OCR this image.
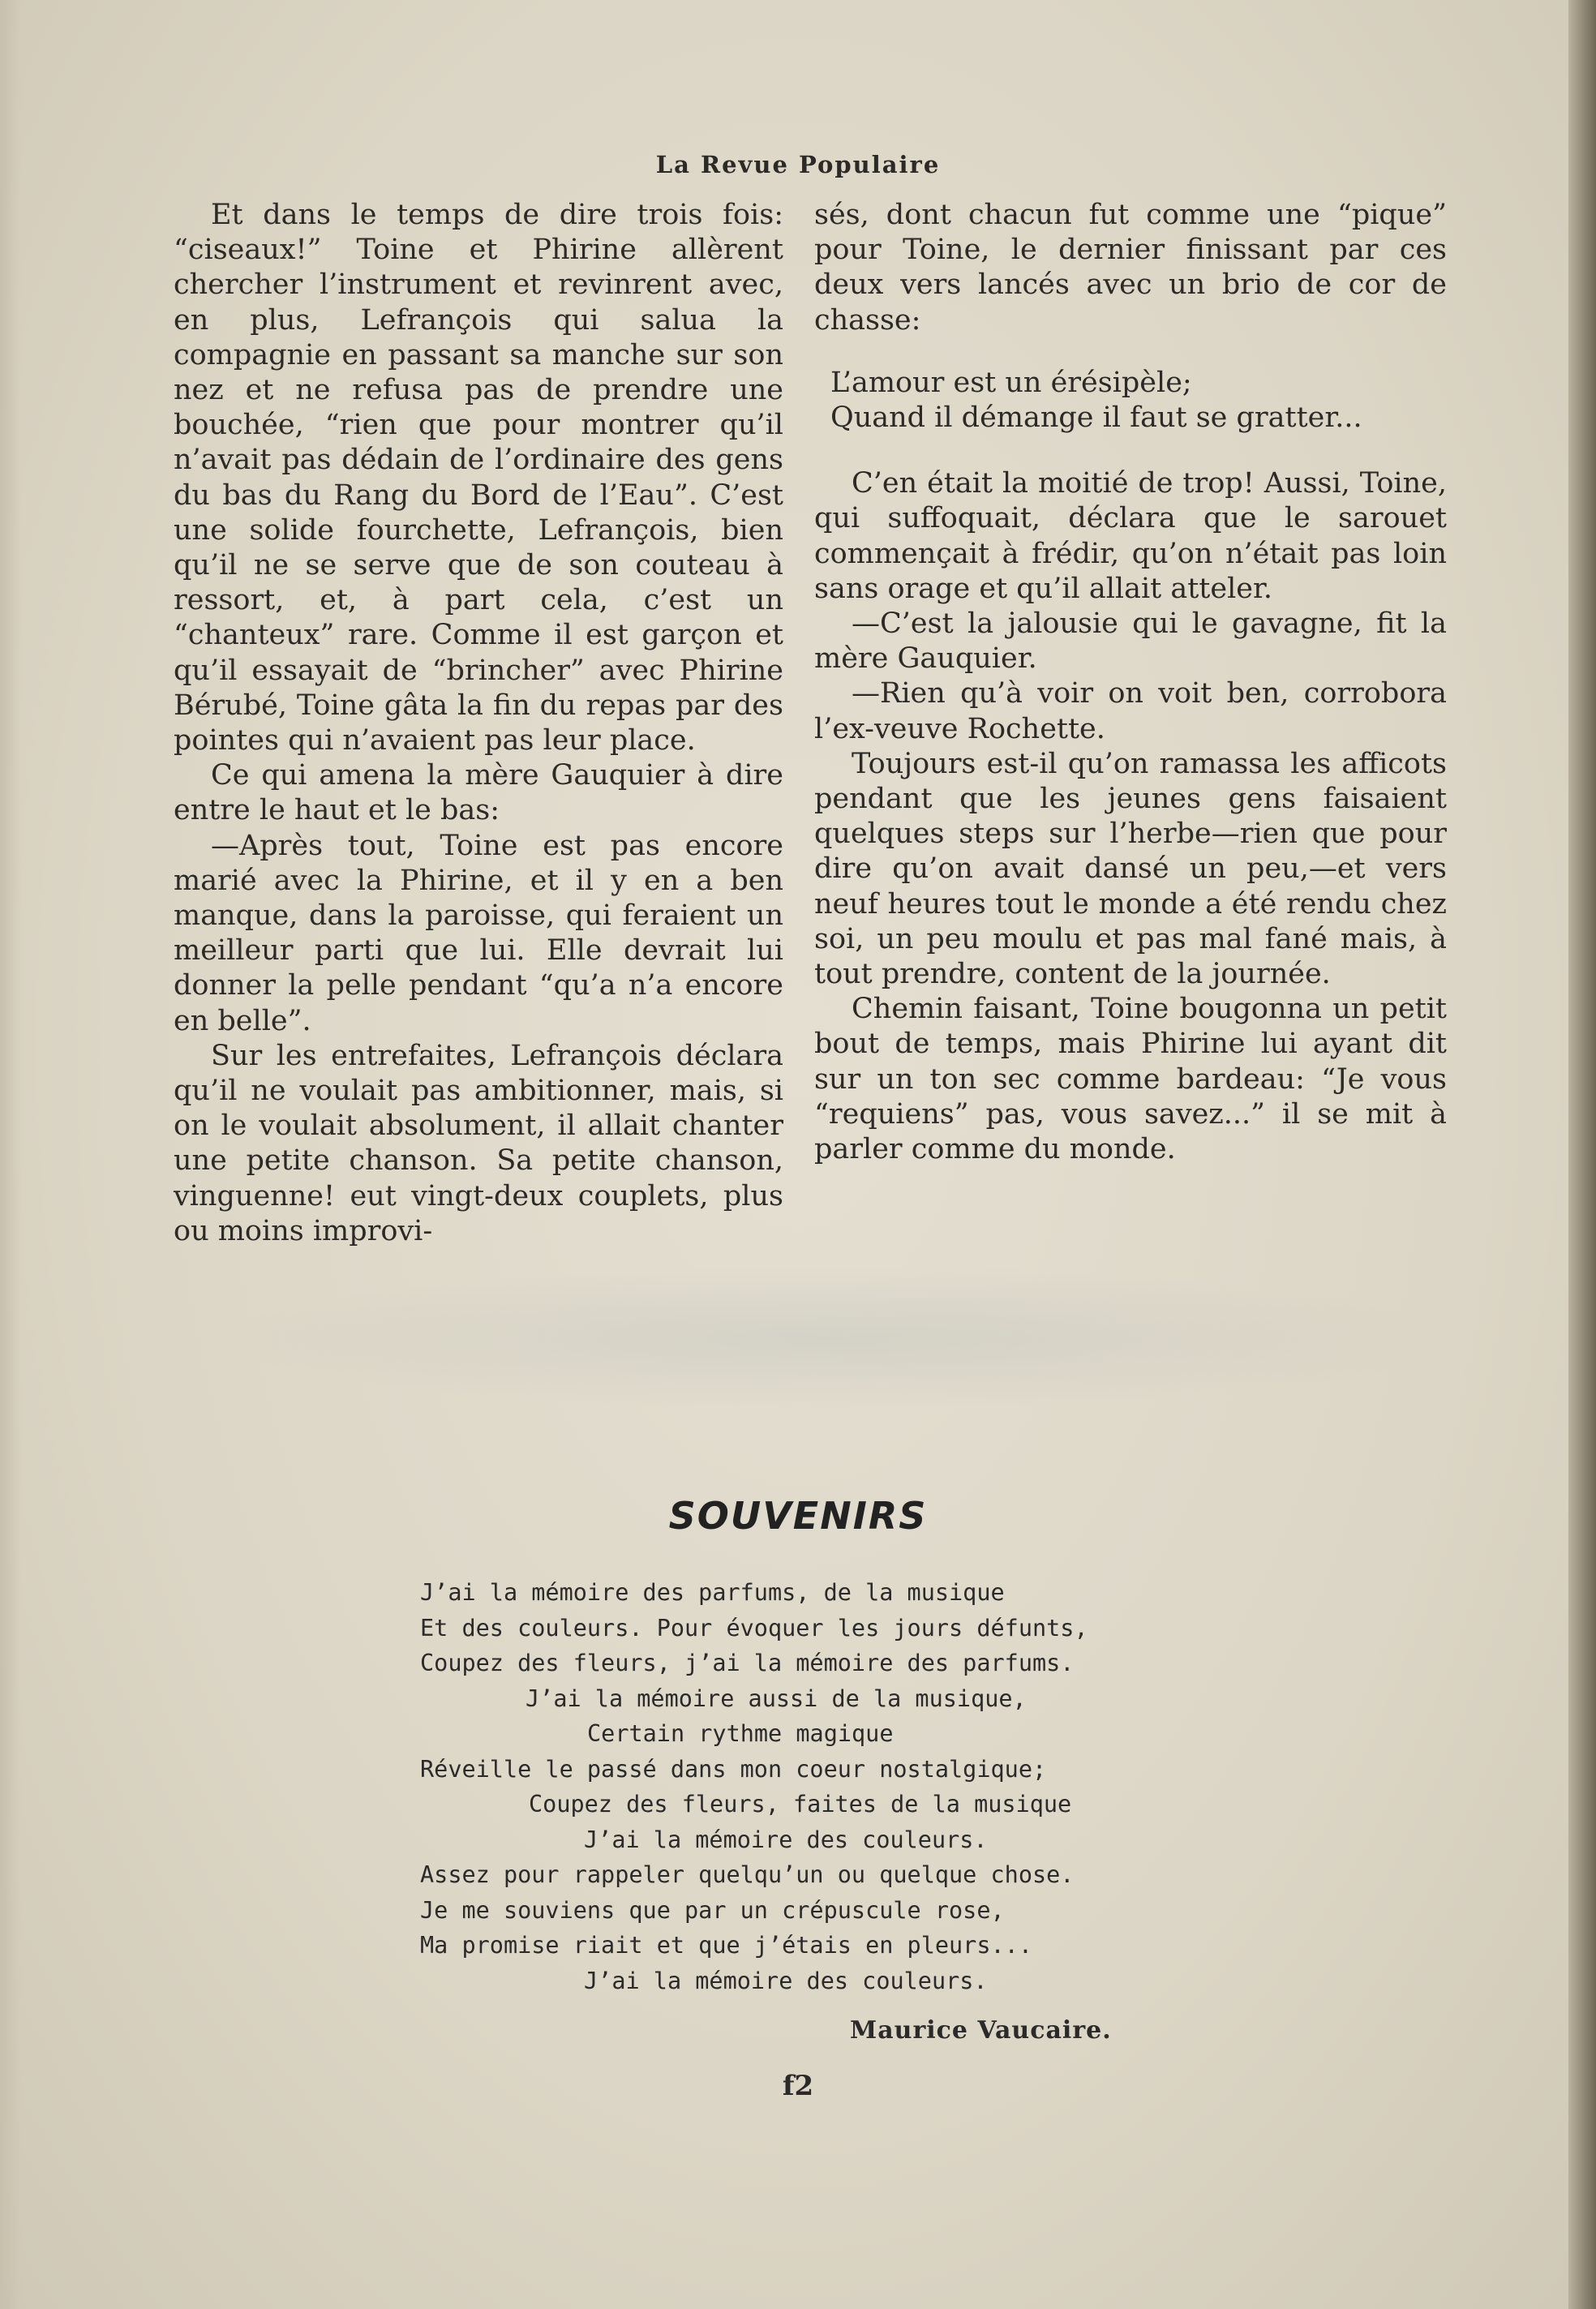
La Revue Populaire

Et dans le temps de dire trois fois: “ciseaux!” Toine et Phirine allèrent chercher l’instrument et revinrent avec, en plus, Lefrançois qui salua la compagnie en passant sa manche sur son nez et ne refusa pas de prendre une bouchée, “rien que pour montrer qu’il n’avait pas dédain de l’ordinaire des gens du bas du Rang du Bord de l’Eau”. C’est une solide fourchette, Lefrançois, bien qu’il ne se serve que de son couteau à ressort, et, à part cela, c’est un “chanteux” rare. Comme il est garçon et qu’il essayait de “brincher” avec Phirine Bérubé, Toine gâta la fin du repas par des pointes qui n’avaient pas leur place.

Ce qui amena la mère Gauquier à dire entre le haut et le bas:

—Après tout, Toine est pas encore marié avec la Phirine, et il y en a ben manque, dans la paroisse, qui feraient un meilleur parti que lui. Elle devrait lui donner la pelle pendant “qu’a n’a encore en belle”.

Sur les entrefaites, Lefrançois déclara qu’il ne voulait pas ambitionner, mais, si on le voulait absolument, il allait chanter une petite chanson. Sa petite chanson, vinguenne! eut vingt-deux couplets, plus ou moins improvi-

sés, dont chacun fut comme une “pique” pour Toine, le dernier finissant par ces deux vers lancés avec un brio de cor de chasse:

L’amour est un érésipèle;
Quand il démange il faut se gratter...

C’en était la moitié de trop! Aussi, Toine, qui suffoquait, déclara que le sarouet commençait à frédir, qu’on n’était pas loin sans orage et qu’il allait atteler.

—C’est la jalousie qui le gavagne, fit la mère Gauquier.

—Rien qu’à voir on voit ben, corrobora l’ex-veuve Rochette.

Toujours est-il qu’on ramassa les afficots pendant que les jeunes gens faisaient quelques steps sur l’herbe—rien que pour dire qu’on avait dansé un peu,—et vers neuf heures tout le monde a été rendu chez soi, un peu moulu et pas mal fané mais, à tout prendre, content de la journée.

Chemin faisant, Toine bougonna un petit bout de temps, mais Phirine lui ayant dit sur un ton sec comme bardeau: “Je vous “requiens” pas, vous savez...” il se mit à parler comme du monde.

SOUVENIRS
J’ai la mémoire des parfums, de la musique
Et des couleurs. Pour évoquer les jours défunts,
Coupez des fleurs, j’ai la mémoire des parfums.
J’ai la mémoire aussi de la musique,
Certain rythme magique
Réveille le passé dans mon coeur nostalgique;
Coupez des fleurs, faites de la musique
J’ai la mémoire des couleurs.
Assez pour rappeler quelqu’un ou quelque chose.
Je me souviens que par un crépuscule rose,
Ma promise riait et que j’étais en pleurs...
J’ai la mémoire des couleurs.
Maurice Vaucaire.
f2
